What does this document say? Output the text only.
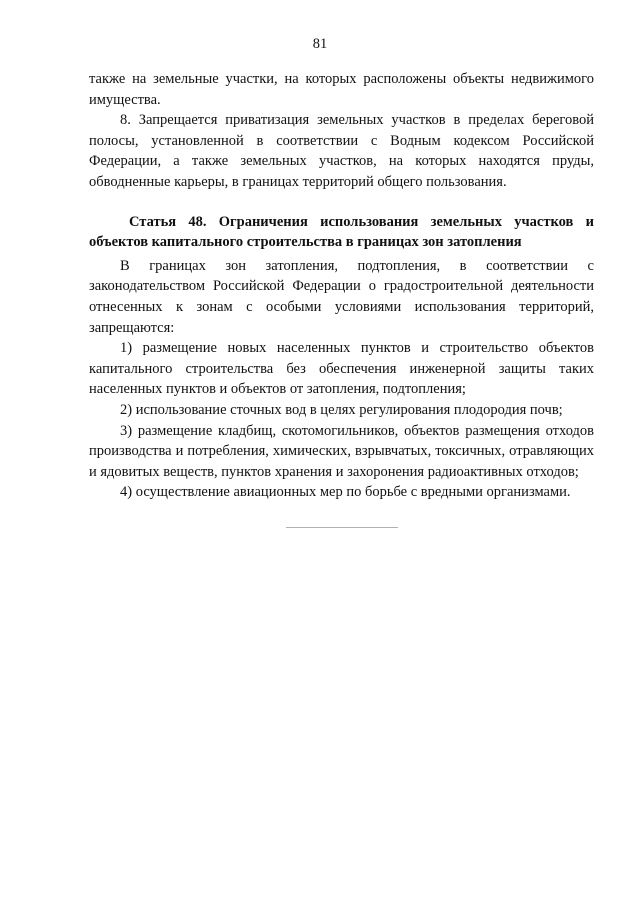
81

также на земельные участки, на которых расположены объекты недвижимого имущества.

8. Запрещается приватизация земельных участков в пределах береговой полосы, установленной в соответствии с Водным кодексом Российской Федерации, а также земельных участков, на которых находятся пруды, обводненные карьеры, в границах территорий общего пользования.

Статья 48. Ограничения использования земельных участков и объектов капитального строительства в границах зон затопления

В границах зон затопления, подтопления, в соответствии с законодательством Российской Федерации о градостроительной деятельности отнесенных к зонам с особыми условиями использования территорий, запрещаются:

1) размещение новых населенных пунктов и строительство объектов капитального строительства без обеспечения инженерной защиты таких населенных пунктов и объектов от затопления, подтопления;

2) использование сточных вод в целях регулирования плодородия почв;

3) размещение кладбищ, скотомогильников, объектов размещения отходов производства и потребления, химических, взрывчатых, токсичных, отравляющих и ядовитых веществ, пунктов хранения и захоронения радиоактивных отходов;

4) осуществление авиационных мер по борьбе с вредными организмами.
